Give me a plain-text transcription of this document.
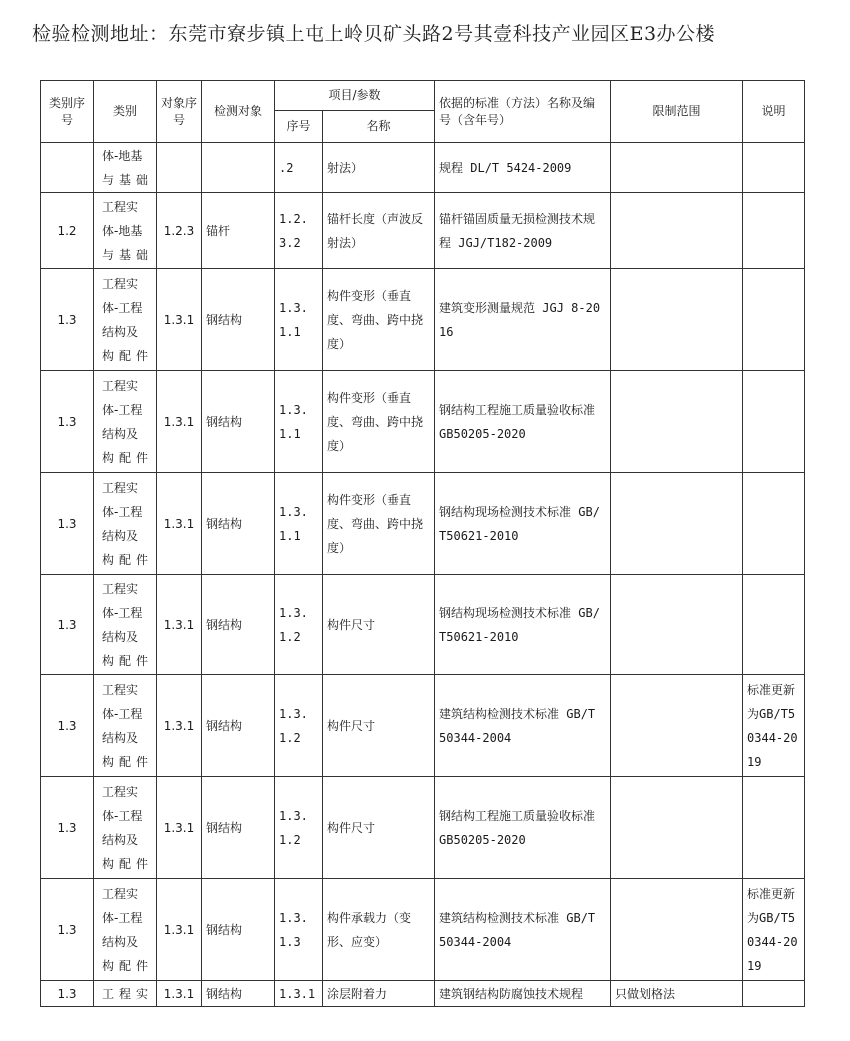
检验检测地址：东莞市寮步镇上屯上岭贝矿头路2号其壹科技产业园区E3办公楼
类别序号	类别	对象序号	检测对象	项目/参数		依据的标准（方法）名称及编号（含年号）	限制范围	说明
				序号	名称			
	体-地基与基础			.2	射法）	规程 DL/T 5424-2009		
1.2	工程实体-地基与基础	1.2.3	锚杆	1.2.3.2	锚杆长度（声波反射法）	锚杆锚固质量无损检测技术规程 JGJ/T182-2009		
1.3	工程实体-工程结构及构配件	1.3.1	钢结构	1.3.1.1	构件变形（垂直度、弯曲、跨中挠度）	建筑变形测量规范 JGJ 8-2016		
1.3	工程实体-工程结构及构配件	1.3.1	钢结构	1.3.1.1	构件变形（垂直度、弯曲、跨中挠度）	钢结构工程施工质量验收标准 GB50205-2020		
1.3	工程实体-工程结构及构配件	1.3.1	钢结构	1.3.1.1	构件变形（垂直度、弯曲、跨中挠度）	钢结构现场检测技术标准 GB/T50621-2010		
1.3	工程实体-工程结构及构配件	1.3.1	钢结构	1.3.1.2	构件尺寸	钢结构现场检测技术标准 GB/T50621-2010		
1.3	工程实体-工程结构及构配件	1.3.1	钢结构	1.3.1.2	构件尺寸	建筑结构检测技术标准 GB/T 50344-2004		标准更新为GB/T50344-2019
1.3	工程实体-工程结构及构配件	1.3.1	钢结构	1.3.1.2	构件尺寸	钢结构工程施工质量验收标准 GB50205-2020		
1.3	工程实体-工程结构及构配件	1.3.1	钢结构	1.3.1.3	构件承载力（变形、应变）	建筑结构检测技术标准 GB/T 50344-2004		标准更新为GB/T50344-2019
1.3	工程实	1.3.1	钢结构	1.3.1	涂层附着力	建筑钢结构防腐蚀技术规程	只做划格法	
